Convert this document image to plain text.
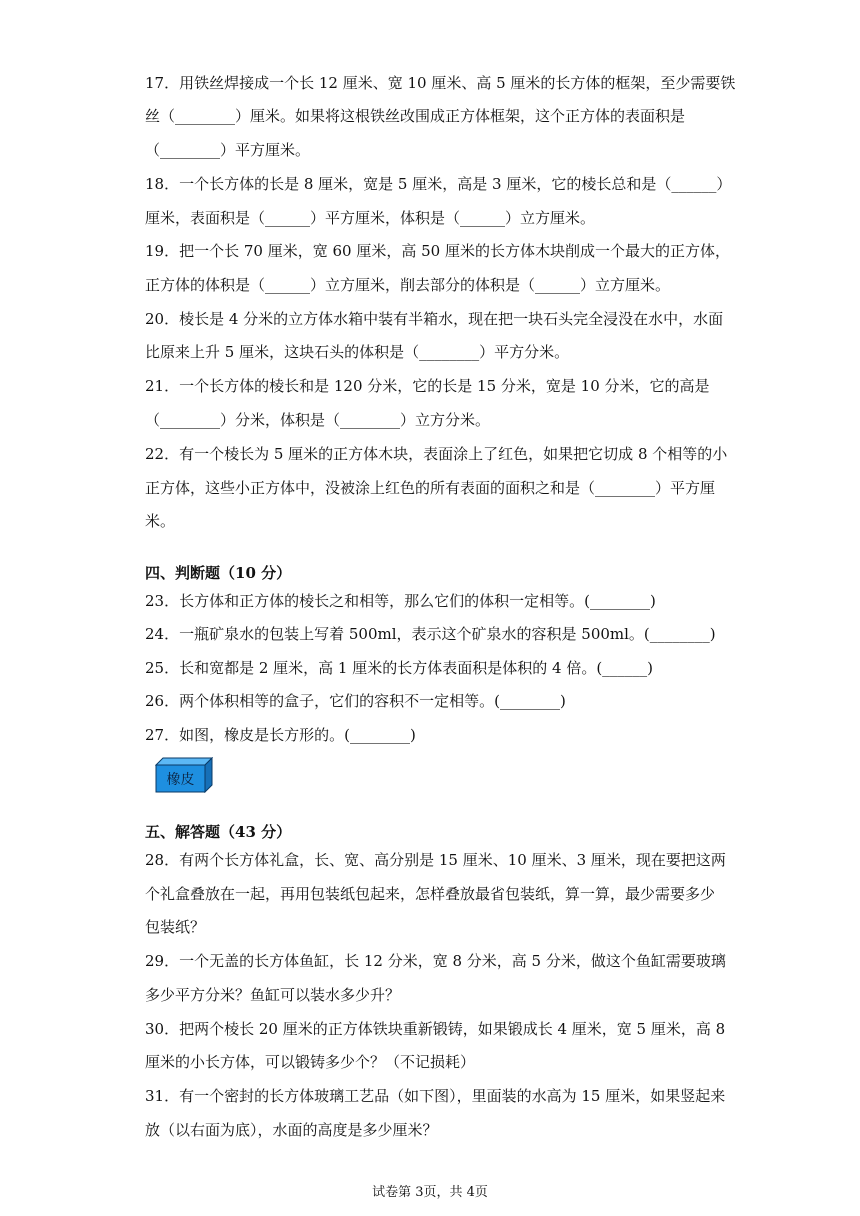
17．用铁丝焊接成一个长 12 厘米、宽 10 厘米、高 5 厘米的长方体的框架，至少需要铁
丝（________）厘米。如果将这根铁丝改围成正方体框架，这个正方体的表面积是
（________）平方厘米。
18．一个长方体的长是 8 厘米，宽是 5 厘米，高是 3 厘米，它的棱长总和是（______）
厘米，表面积是（______）平方厘米，体积是（______）立方厘米。
19．把一个长 70 厘米，宽 60 厘米，高 50 厘米的长方体木块削成一个最大的正方体，
正方体的体积是（______）立方厘米，削去部分的体积是（______）立方厘米。
20．棱长是 4 分米的立方体水箱中装有半箱水，现在把一块石头完全浸没在水中，水面
比原来上升 5 厘米，这块石头的体积是（________）平方分米。
21．一个长方体的棱长和是 120 分米，它的长是 15 分米，宽是 10 分米，它的高是
（________）分米，体积是（________）立方分米。
22．有一个棱长为 5 厘米的正方体木块，表面涂上了红色，如果把它切成 8 个相等的小
正方体，这些小正方体中，没被涂上红色的所有表面的面积之和是（________）平方厘
米。
四、判断题（10 分）
23．长方体和正方体的棱长之和相等，那么它们的体积一定相等。(________)
24．一瓶矿泉水的包装上写着 500ml，表示这个矿泉水的容积是 500ml。(________)
25．长和宽都是 2 厘米，高 1 厘米的长方体表面积是体积的 4 倍。(______)
26．两个体积相等的盒子，它们的容积不一定相等。(________)
27．如图，橡皮是长方形的。(________)
橡皮
五、解答题（43 分）
28．有两个长方体礼盒，长、宽、高分别是 15 厘米、10 厘米、3 厘米，现在要把这两
个礼盒叠放在一起，再用包装纸包起来，怎样叠放最省包装纸，算一算，最少需要多少
包装纸？
29．一个无盖的长方体鱼缸，长 12 分米，宽 8 分米，高 5 分米，做这个鱼缸需要玻璃
多少平方分米？鱼缸可以装水多少升？
30．把两个棱长 20 厘米的正方体铁块重新锻铸，如果锻成长 4 厘米，宽 5 厘米，高 8
厘米的小长方体，可以锻铸多少个？（不记损耗）
31．有一个密封的长方体玻璃工艺品（如下图），里面装的水高为 15 厘米，如果竖起来
放（以右面为底），水面的高度是多少厘米？
试卷第 3页，共 4页
